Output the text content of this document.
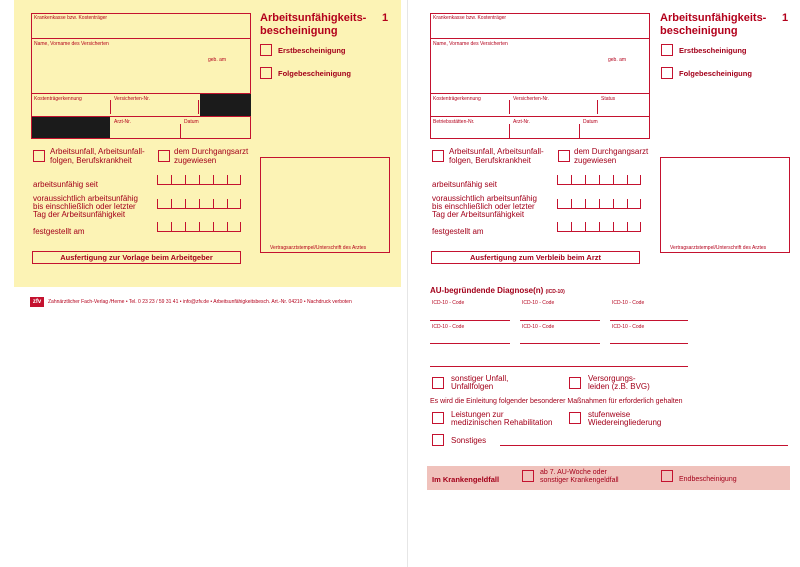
Krankenkasse bzw. Kostenträger
Name, Vorname des Versicherten
geb. am
Kostenträgerkennung	Versicherten-Nr.
Arzt-Nr.	Datum
Arbeitsunfähigkeits-
bescheinigung
1
Erstbescheinigung
Folgebescheinigung
Arbeitsunfall, Arbeitsunfall-
folgen, Berufskrankheit
dem Durchgangsarzt
zugewiesen
arbeitsunfähig seit
voraussichtlich arbeitsunfähig
bis einschließlich oder letzter
Tag der Arbeitsunfähigkeit
festgestellt am
Vertragsarztstempel/Unterschrift des Arztes
Ausfertigung zur Vorlage beim Arbeitgeber
zfv	Zahnärztlicher Fach-Verlag /Herne • Tel. 0 23 23 / 59 31 41 • info@zfv.de • Arbeitsunfähigkeitsbesch. Art.-Nr. 04210 • Nachdruck verboten
Krankenkasse bzw. Kostenträger
Name, Vorname des Versicherten
geb. am
Kostenträgerkennung	Versicherten-Nr.	Status
Betriebsstätten-Nr.	Arzt-Nr.	Datum
Arbeitsunfähigkeits-
bescheinigung
1
Erstbescheinigung
Folgebescheinigung
Arbeitsunfall, Arbeitsunfall-
folgen, Berufskrankheit
dem Durchgangsarzt
zugewiesen
arbeitsunfähig seit
voraussichtlich arbeitsunfähig
bis einschließlich oder letzter
Tag der Arbeitsunfähigkeit
festgestellt am
Vertragsarztstempel/Unterschrift des Arztes
Ausfertigung zum Verbleib beim Arzt
AU-begründende Diagnose(n) (ICD-10)
ICD-10 - Code	ICD-10 - Code	ICD-10 - Code
ICD-10 - Code	ICD-10 - Code	ICD-10 - Code
sonstiger Unfall,
Unfallfolgen
Versorgungs-
leiden (z.B. BVG)
Es wird die Einleitung folgender besonderer Maßnahmen für erforderlich gehalten
Leistungen zur
medizinischen Rehabilitation
stufenweise
Wiedereingliederung
Sonstiges
Im Krankengeldfall
ab 7. AU-Woche oder
sonstiger Krankengeldfall	Endbescheinigung
